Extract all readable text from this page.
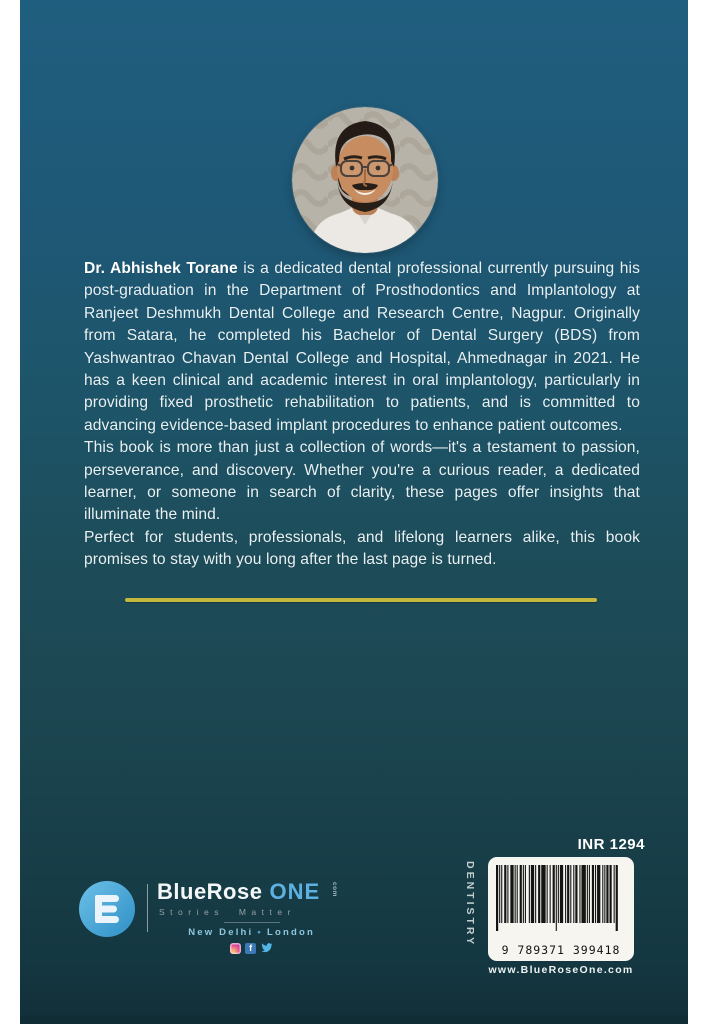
Dr. Abhishek Torane is a dedicated dental professional currently pursuing his post-graduation in the Department of Prosthodontics and Implantology at Ranjeet Deshmukh Dental College and Research Centre, Nagpur. Originally from Satara, he completed his Bachelor of Dental Surgery (BDS) from Yashwantrao Chavan Dental College and Hospital, Ahmednagar in 2021. He has a keen clinical and academic interest in oral implantology, particularly in providing fixed prosthetic rehabilitation to patients, and is committed to advancing evidence-based implant procedures to enhance patient outcomes.

This book is more than just a collection of words—it's a testament to passion, perseverance, and discovery. Whether you're a curious reader, a dedicated learner, or someone in search of clarity, these pages offer insights that illuminate the mind.

Perfect for students, professionals, and lifelong learners alike, this book promises to stay with you long after the last page is turned.

BlueRose ONE	com
Stories Matter
New Delhi • London
f
INR 1294
DENTISTRY
9 789371 399418
www.BlueRoseOne.com
